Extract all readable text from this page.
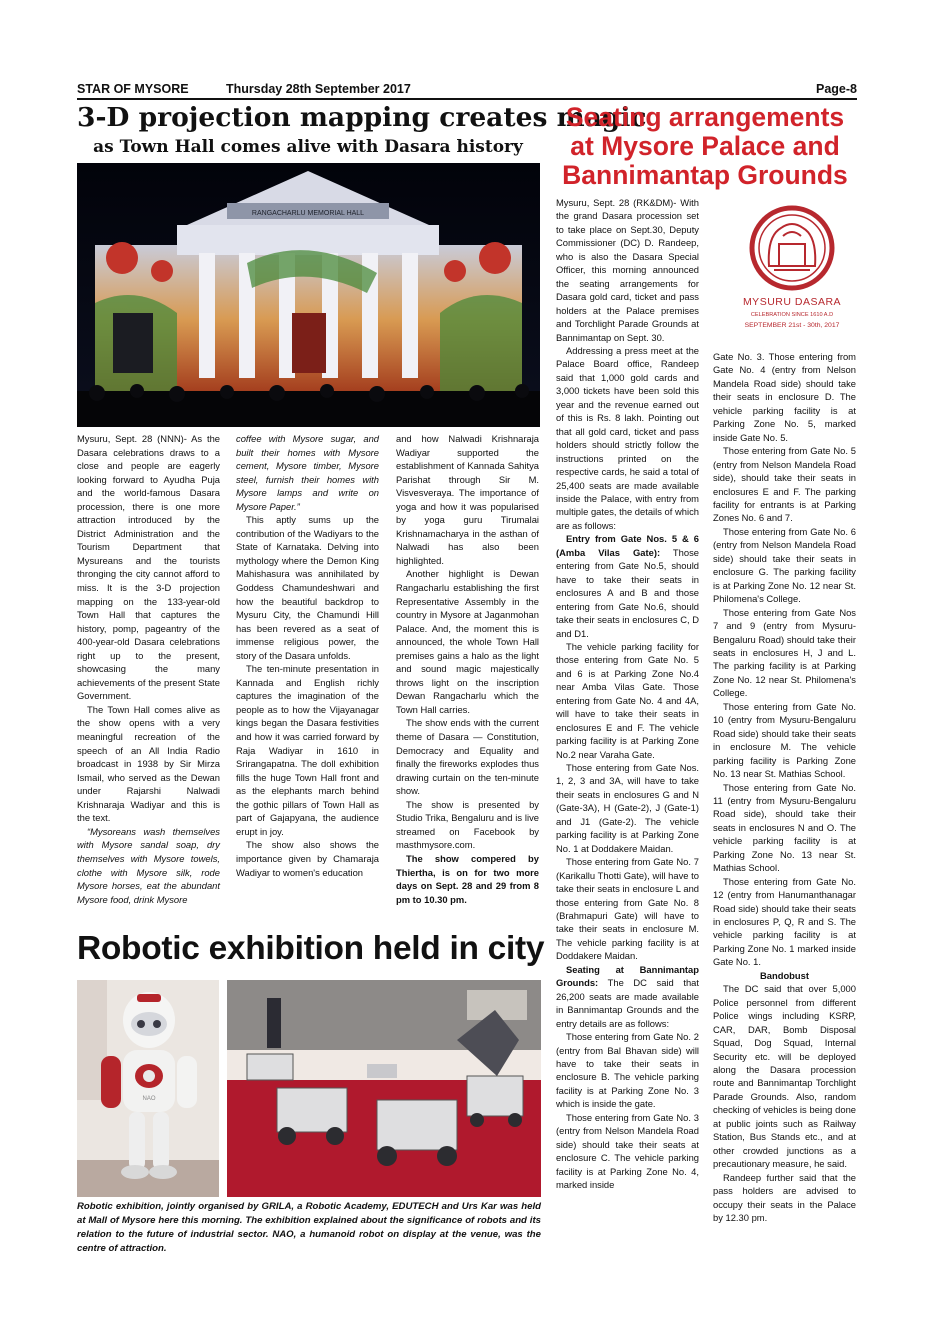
STAR OF MYSORE	Thursday 28th September 2017	Page-8
3-D projection mapping creates magic
as Town Hall comes alive with Dasara history
RANGACHARLU MEMORIAL HALL

Mysuru, Sept. 28 (NNN)- As the Dasara celebrations draws to a close and people are eagerly looking forward to Ayudha Puja and the world-famous Dasara procession, there is one more attraction introduced by the District Administration and the Tourism Department that Mysureans and the tourists thronging the city cannot afford to miss. It is the 3-D projection mapping on the 133-year-old Town Hall that captures the history, pomp, pageantry of the 400-year-old Dasara celebrations right up to the present, showcasing the many achievements of the present State Government.

The Town Hall comes alive as the show opens with a very meaningful recreation of the speech of an All India Radio broadcast in 1938 by Sir Mirza Ismail, who served as the Dewan under Rajarshi Nalwadi Krishnaraja Wadiyar and this is the text.

“Mysoreans wash themselves with Mysore sandal soap, dry themselves with Mysore towels, clothe with Mysore silk, rode Mysore horses, eat the abundant Mysore food, drink Mysore

coffee with Mysore sugar, and built their homes with Mysore cement, Mysore timber, Mysore steel, furnish their homes with Mysore lamps and write on Mysore Paper.”

This aptly sums up the contribution of the Wadiyars to the State of Karnataka. Delving into mythology where the Demon King Mahishasura was annihilated by Goddess Chamundeshwari and how the beautiful backdrop to Mysuru City, the Chamundi Hill has been revered as a seat of immense religious power, the story of the Dasara unfolds.

The ten-minute presentation in Kannada and English richly captures the imagination of the people as to how the Vijayanagar kings began the Dasara festivities and how it was carried forward by Raja Wadiyar in 1610 in Srirangapatna. The doll exhibition fills the huge Town Hall front and as the elephants march behind the gothic pillars of Town Hall as part of Gajapyana, the audience erupt in joy.

The show also shows the importance given by Chamaraja Wadiyar to women's education

and how Nalwadi Krishnaraja Wadiyar supported the establishment of Kannada Sahitya Parishat through Sir M. Visvesveraya. The importance of yoga and how it was popularised by yoga guru Tirumalai Krishnamacharya in the asthan of Nalwadi has also been highlighted.

Another highlight is Dewan Rangacharlu establishing the first Representative Assembly in the country in Mysore at Jaganmohan Palace. And, the moment this is announced, the whole Town Hall premises gains a halo as the light and sound magic majestically throws light on the inscription Dewan Rangacharlu which the Town Hall carries.

The show ends with the current theme of Dasara — Constitution, Democracy and Equality and finally the fireworks explodes thus drawing curtain on the ten-minute show.

The show is presented by Studio Trika, Bengaluru and is live streamed on Facebook by masthmysore.com.

The show compered by Thiertha, is on for two more days on Sept. 28 and 29 from 8 pm to 10.30 pm.

Robotic exhibition held in city
NAO
Robotic exhibition, jointly organised by GRILA, a Robotic Academy, EDUTECH and Urs Kar was held at Mall of Mysore here this morning. The exhibition explained about the significance of robots and its relation to the future of industrial sector. NAO, a humanoid robot on display at the venue, was the centre of attraction.
Seating arrangements
at Mysore Palace and
Bannimantap Grounds
MYSURU DASARA
CELEBRATION SINCE 1610 A.D
SEPTEMBER 21st - 30th, 2017

Mysuru, Sept. 28 (RK&DM)- With the grand Dasara procession set to take place on Sept.30, Deputy Commissioner (DC) D. Randeep, who is also the Dasara Special Officer, this morning announced the seating arrangements for Dasara gold card, ticket and pass holders at the Palace premises and Torchlight Parade Grounds at Bannimantap on Sept. 30.

Addressing a press meet at the Palace Board office, Randeep said that 1,000 gold cards and 3,000 tickets have been sold this year and the revenue earned out of this is Rs. 8 lakh. Pointing out that all gold card, ticket and pass holders should strictly follow the instructions printed on the respective cards, he said a total of 25,400 seats are made available inside the Palace, with entry from multiple gates, the details of which are as follows:

Entry from Gate Nos. 5 & 6 (Amba Vilas Gate): Those entering from Gate No.5, should have to take their seats in enclosures A and B and those entering from Gate No.6, should take their seats in enclosures C, D and D1.

The vehicle parking facility for those entering from Gate No. 5 and 6 is at Parking Zone No.4 near Amba Vilas Gate. Those entering from Gate No. 4 and 4A, will have to take their seats in enclosures E and F. The vehicle parking facility is at Parking Zone No.2 near Varaha Gate.

Those entering from Gate Nos. 1, 2, 3 and 3A, will have to take their seats in enclosures G and N (Gate-3A), H (Gate-2), J (Gate-1) and J1 (Gate-2). The vehicle parking facility is at Parking Zone No. 1 at Doddakere Maidan.

Those entering from Gate No. 7 (Karikallu Thotti Gate), will have to take their seats in enclosure L and those entering from Gate No. 8 (Brahmapuri Gate) will have to take their seats in enclosure M. The vehicle parking facility is at Doddakere Maidan.

Seating at Bannimantap Grounds: The DC said that 26,200 seats are made available in Bannimantap Grounds and the entry details are as follows:

Those entering from Gate No. 2 (entry from Bal Bhavan side) will have to take their seats in enclosure B. The vehicle parking facility is at Parking Zone No. 3 which is inside the gate.

Those entering from Gate No. 3 (entry from Nelson Mandela Road side) should take their seats at enclosure C. The vehicle parking facility is at Parking Zone No. 4, marked inside

Gate No. 3. Those entering from Gate No. 4 (entry from Nelson Mandela Road side) should take their seats in enclosure D. The vehicle parking facility is at Parking Zone No. 5, marked inside Gate No. 5.

Those entering from Gate No. 5 (entry from Nelson Mandela Road side), should take their seats in enclosures E and F. The parking facility for entrants is at Parking Zones No. 6 and 7.

Those entering from Gate No. 6 (entry from Nelson Mandela Road side) should take their seats in enclosure G. The parking facility is at Parking Zone No. 12 near St. Philomena's College.

Those entering from Gate Nos 7 and 9 (entry from Mysuru-Bengaluru Road) should take their seats in enclosures H, J and L. The parking facility is at Parking Zone No. 12 near St. Philomena's College.

Those entering from Gate No. 10 (entry from Mysuru-Bengaluru Road side) should take their seats in enclosure M. The vehicle parking facility is Parking Zone No. 13 near St. Mathias School.

Those entering from Gate No. 11 (entry from Mysuru-Bengaluru Road side), should take their seats in enclosures N and O. The vehicle parking facility is at Parking Zone No. 13 near St. Mathias School.

Those entering from Gate No. 12 (entry from Hanumanthanagar Road side) should take their seats in enclosures P, Q, R and S. The vehicle parking facility is at Parking Zone No. 1 marked inside Gate No. 1.

Bandobust

The DC said that over 5,000 Police personnel from different Police wings including KSRP, CAR, DAR, Bomb Disposal Squad, Dog Squad, Internal Security etc. will be deployed along the Dasara procession route and Bannimantap Torchlight Parade Grounds. Also, random checking of vehicles is being done at public joints such as Railway Station, Bus Stands etc., and at other crowded junctions as a precautionary measure, he said.

Randeep further said that the pass holders are advised to occupy their seats in the Palace by 12.30 pm.
